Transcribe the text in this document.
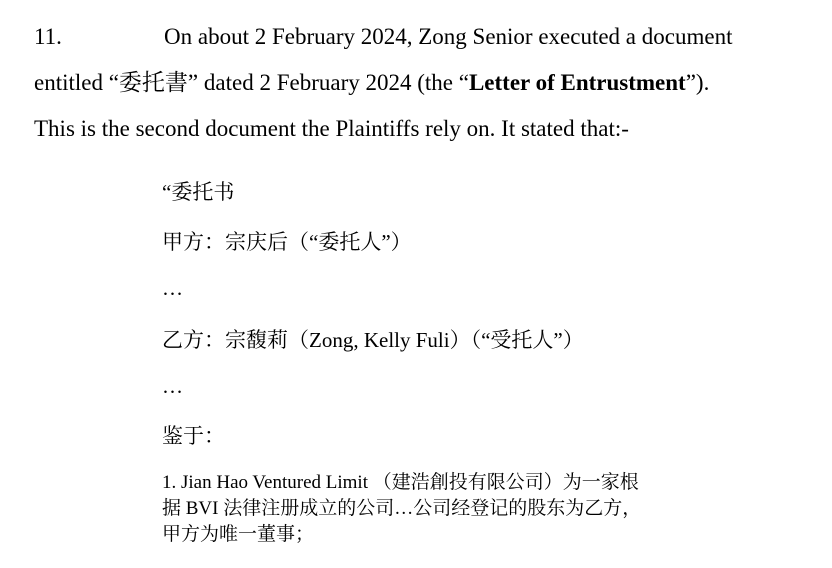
11.	On about 2 February 2024, Zong Senior executed a document
entitled “委托書” dated 2 February 2024 (the “Letter of Entrustment”).
This is the second document the Plaintiffs rely on. It stated that:-
“委托书
甲方：宗庆后（“委托人”）
…
乙方：宗馥莉（Zong, Kelly Fuli）（“受托人”）
…
鉴于：
1. Jian Hao Ventured Limit （建浩創投有限公司）为一家根
据 BVI 法律注册成立的公司…公司经登记的股东为乙方，
甲方为唯一董事；
